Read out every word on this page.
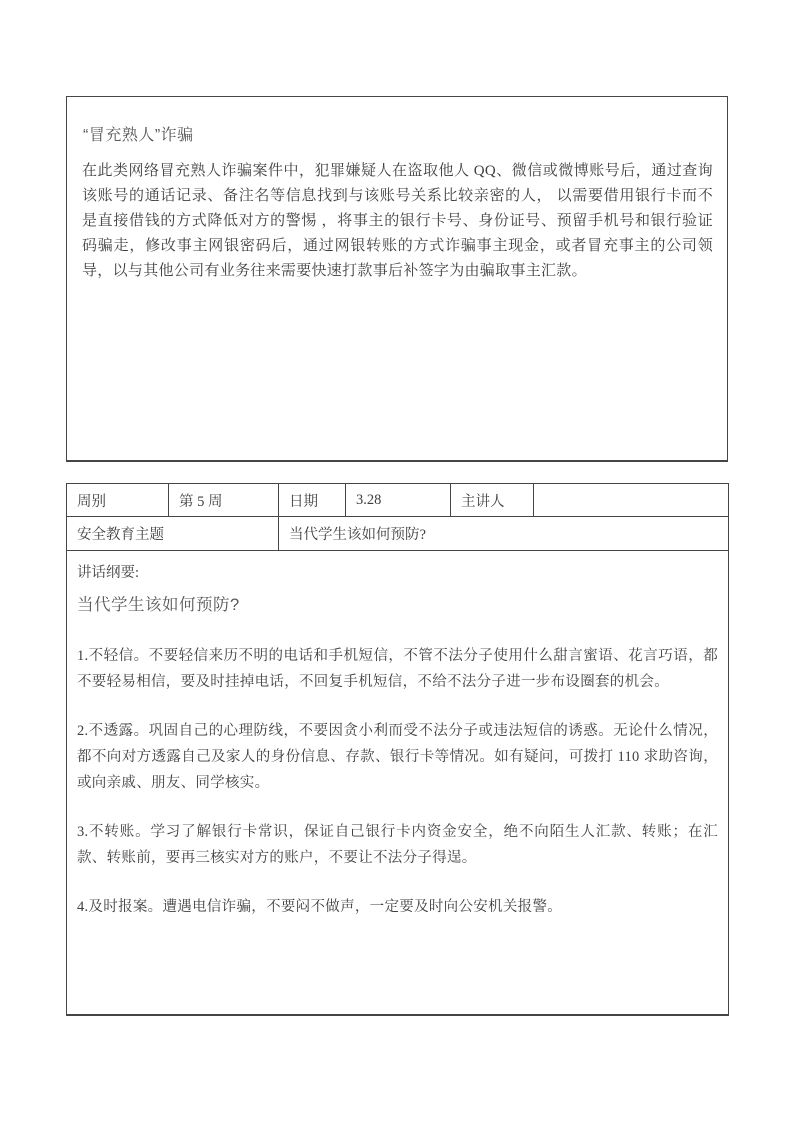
“冒充熟人”诈骗

在此类网络冒充熟人诈骗案件中，犯罪嫌疑人在盗取他人 QQ、微信或微博账号后，通过查询该账号的通话记录、备注名等信息找到与该账号关系比较亲密的人， 以需要借用银行卡而不是直接借钱的方式降低对方的警惕 ，将事主的银行卡号、身份证号、预留手机号和银行验证码骗走，修改事主网银密码后，通过网银转账的方式诈骗事主现金，或者冒充事主的公司领导，以与其他公司有业务往来需要快速打款事后补签字为由骗取事主汇款。

周别	第 5 周	日期	3.28	主讲人	
安全教育主题		当代学生该如何预防?			

讲话纲要:

当代学生该如何预防?

1.不轻信。不要轻信来历不明的电话和手机短信，不管不法分子使用什么甜言蜜语、花言巧语，都不要轻易相信，要及时挂掉电话，不回复手机短信，不给不法分子进一步布设圈套的机会。

2.不透露。巩固自己的心理防线，不要因贪小利而受不法分子或违法短信的诱惑。无论什么情况，都不向对方透露自己及家人的身份信息、存款、银行卡等情况。如有疑问，可拨打 110 求助咨询，或向亲戚、朋友、同学核实。

3.不转账。学习了解银行卡常识，保证自己银行卡内资金安全，绝不向陌生人汇款、转账；在汇款、转账前，要再三核实对方的账户，不要让不法分子得逞。

4.及时报案。遭遇电信诈骗，不要闷不做声，一定要及时向公安机关报警。
